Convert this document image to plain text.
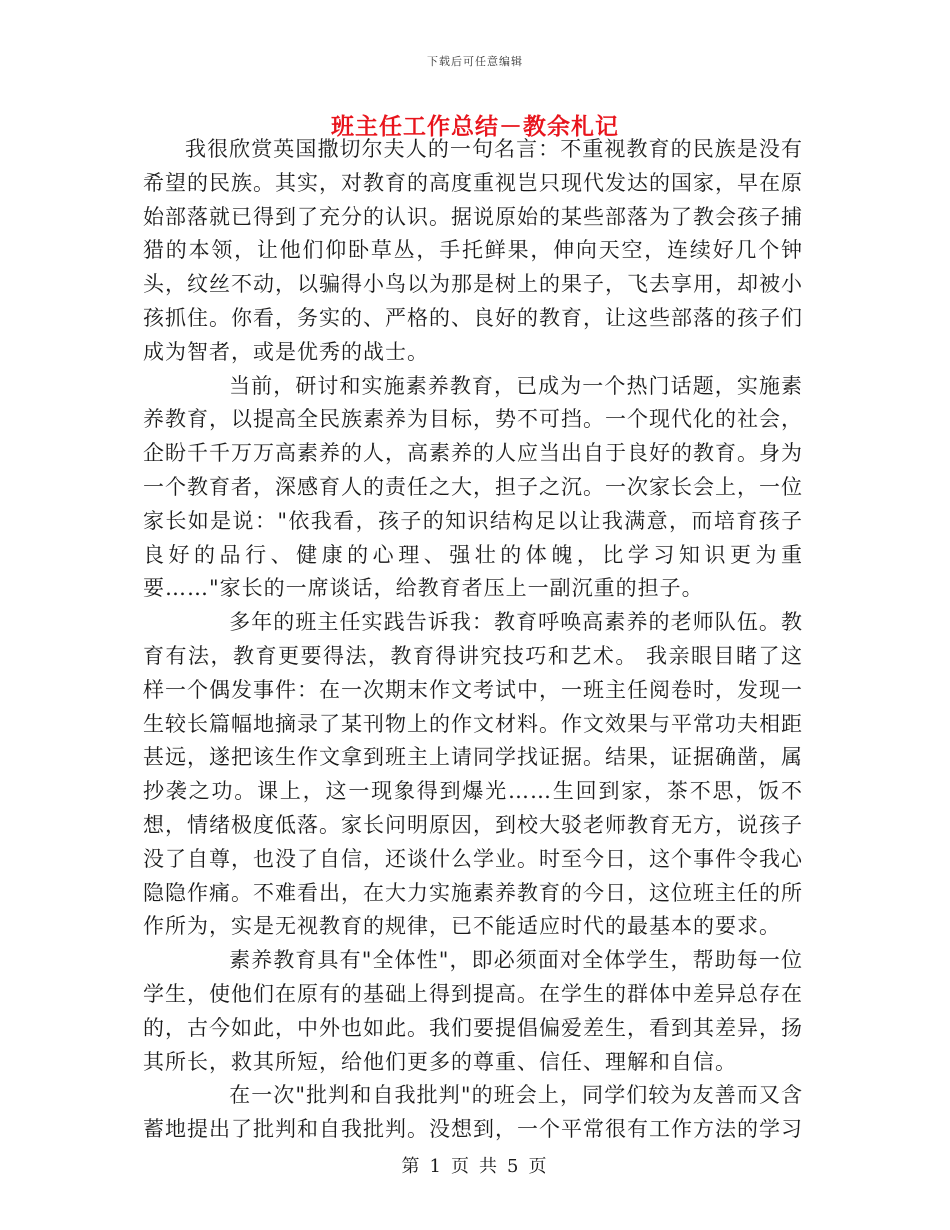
下载后可任意编辑
班主任工作总结－教余札记

我很欣赏英国撒切尔夫人的一句名言：不重视教育的民族是没有希望的民族。其实，对教育的高度重视岂只现代发达的国家，早在原始部落就已得到了充分的认识。据说原始的某些部落为了教会孩子捕猎的本领，让他们仰卧草丛，手托鲜果，伸向天空，连续好几个钟头，纹丝不动，以骗得小鸟以为那是树上的果子，飞去享用，却被小孩抓住。你看，务实的、严格的、良好的教育，让这些部落的孩子们成为智者，或是优秀的战士。

当前，研讨和实施素养教育，已成为一个热门话题，实施素养教育，以提高全民族素养为目标，势不可挡。一个现代化的社会，企盼千千万万高素养的人，高素养的人应当出自于良好的教育。身为一个教育者，深感育人的责任之大，担子之沉。一次家长会上，一位家长如是说："依我看，孩子的知识结构足以让我满意，而培育孩子良好的品行、健康的心理、强壮的体魄，比学习知识更为重要……"家长的一席谈话，给教育者压上一副沉重的担子。

多年的班主任实践告诉我：教育呼唤高素养的老师队伍。教育有法，教育更要得法，教育得讲究技巧和艺术。 我亲眼目睹了这样一个偶发事件：在一次期末作文考试中，一班主任阅卷时，发现一生较长篇幅地摘录了某刊物上的作文材料。作文效果与平常功夫相距甚远，遂把该生作文拿到班主上请同学找证据。结果，证据确凿，属抄袭之功。课上，这一现象得到爆光……生回到家，茶不思，饭不想，情绪极度低落。家长问明原因，到校大驳老师教育无方，说孩子没了自尊，也没了自信，还谈什么学业。时至今日，这个事件令我心隐隐作痛。不难看出，在大力实施素养教育的今日，这位班主任的所作所为，实是无视教育的规律，已不能适应时代的最基本的要求。

素养教育具有"全体性"，即必须面对全体学生，帮助每一位学生，使他们在原有的基础上得到提高。在学生的群体中差异总存在的，古今如此，中外也如此。我们要提倡偏爱差生，看到其差异，扬其所长，救其所短，给他们更多的尊重、信任、理解和自信。

在一次"批判和自我批判"的班会上，同学们较为友善而又含蓄地提出了批判和自我批判。没想到，一个平常很有工作方法的学习

第 1 页 共 5 页
